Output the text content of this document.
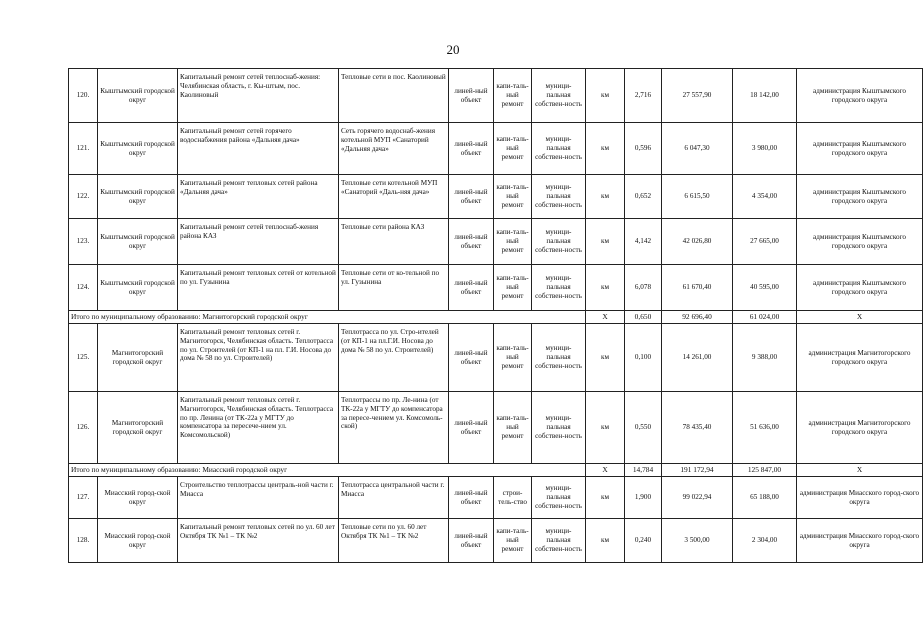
20
120.	Кыштымский городской округ	Капитальный ремонт сетей теплоснаб-жения: Челябинская область, г. Кы-штым, пос. Каолиновый	Тепловые сети в пос. Каолиновый	линей-ный объект	капи-таль-ный ремонт	муници-пальная собствен-ность	км	2,716	27 557,90	18 142,00	администрация Кыштымского городского округа
121.	Кыштымский городской округ	Капитальный ремонт сетей горячего водоснабжения района «Дальняя дача»	Сеть горячего водоснаб-жения котельной МУП «Санаторий «Дальняя дача»	линей-ный объект	капи-таль-ный ремонт	муници-пальная собствен-ность	км	0,596	6 047,30	3 980,00	администрация Кыштымского городского округа
122.	Кыштымский городской округ	Капитальный ремонт тепловых сетей района «Дальняя дача»	Тепловые сети котельной МУП «Санаторий «Даль-няя дача»	линей-ный объект	капи-таль-ный ремонт	муници-пальная собствен-ность	км	0,652	6 615,50	4 354,00	администрация Кыштымского городского округа
123.	Кыштымский городской округ	Капитальный ремонт сетей теплоснаб-жения района КАЗ	Тепловые сети района КАЗ	линей-ный объект	капи-таль-ный ремонт	муници-пальная собствен-ность	км	4,142	42 026,80	27 665,00	администрация Кыштымского городского округа
124.	Кыштымский городской округ	Капитальный ремонт тепловых сетей от котельной по ул. Гузынина	Тепловые сети от ко-тельной по ул. Гузынина	линей-ный объект	капи-таль-ный ремонт	муници-пальная собствен-ность	км	6,078	61 670,40	40 595,00	администрация Кыштымского городского округа
Итого по муниципальному образованию: Магнитогорский городской округ							X	0,650	92 696,40	61 024,00	X
125.	Магнитогорский городской округ	Капитальный ремонт тепловых сетей г. Магнитогорск, Челябинская область. Теплотрасса по ул. Строителей (от КП-1 на пл. Г.И. Носова до дома № 58 по ул. Строителей)	Теплотрасса по ул. Стро-ителей (от КП-1 на пл.Г.И. Носова до дома № 58 по ул. Строителей)	линей-ный объект	капи-таль-ный ремонт	муници-пальная собствен-ность	км	0,100	14 261,00	9 388,00	администрация Магнитогорского городского округа
126.	Магнитогорский городской округ	Капитальный ремонт тепловых сетей г. Магнитогорск, Челябинская область. Теплотрасса по пр. Ленина (от ТК-22а у МГТУ до компенсатора за пересече-нием ул. Комсомольской)	Теплотрассы по пр. Ле-нина (от ТК-22а у МГТУ до компенсатора за пересе-чением ул. Комсомоль-ской)	линей-ный объект	капи-таль-ный ремонт	муници-пальная собствен-ность	км	0,550	78 435,40	51 636,00	администрация Магнитогорского городского округа
Итого по муниципальному образованию: Миасский городской округ							X	14,784	191 172,94	125 847,00	X
127.	Миасский город-ской округ	Строительство теплотрассы централь-ной части г. Миасса	Теплотрасса центральной части г. Миасса	линей-ный объект	строи-тель-ство	муници-пальная собствен-ность	км	1,900	99 022,94	65 188,00	администрация Миасского город-ского округа
128.	Миасский город-ской округ	Капитальный ремонт тепловых сетей по ул. 60 лет Октября ТК №1 – ТК №2	Тепловые сети по ул. 60 лет Октября ТК №1 – ТК №2	линей-ный объект	капи-таль-ный ремонт	муници-пальная собствен-ность	км	0,240	3 500,00	2 304,00	администрация Миасского город-ского округа
